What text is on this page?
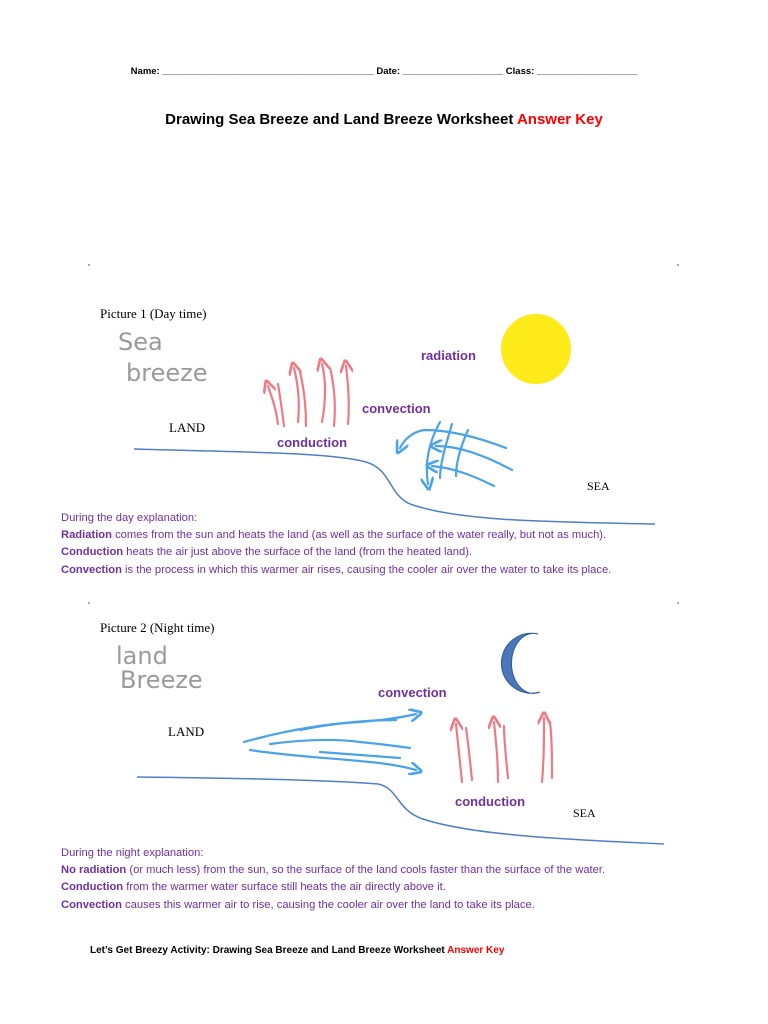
Name: ________________________________________ Date: ___________________ Class: ___________________
Drawing Sea Breeze and Land Breeze Worksheet Answer Key
Picture 1 (Day time)
Sea
breeze
radiation
convection
conduction
LAND
SEA
Picture 2 (Night time)
land
Breeze	convection
conduction
LAND
SEA
During the day explanation:
Radiation comes from the sun and heats the land (as well as the surface of the water really, but not as much).
Conduction heats the air just above the surface of the land (from the heated land).
Convection is the process in which this warmer air rises, causing the cooler air over the water to take its place.
During the night explanation:
No radiation (or much less) from the sun, so the surface of the land cools faster than the surface of the water.
Conduction from the warmer water surface still heats the air directly above it.
Convection causes this warmer air to rise, causing the cooler air over the land to take its place.
Let’s Get Breezy Activity: Drawing Sea Breeze and Land Breeze Worksheet Answer Key
